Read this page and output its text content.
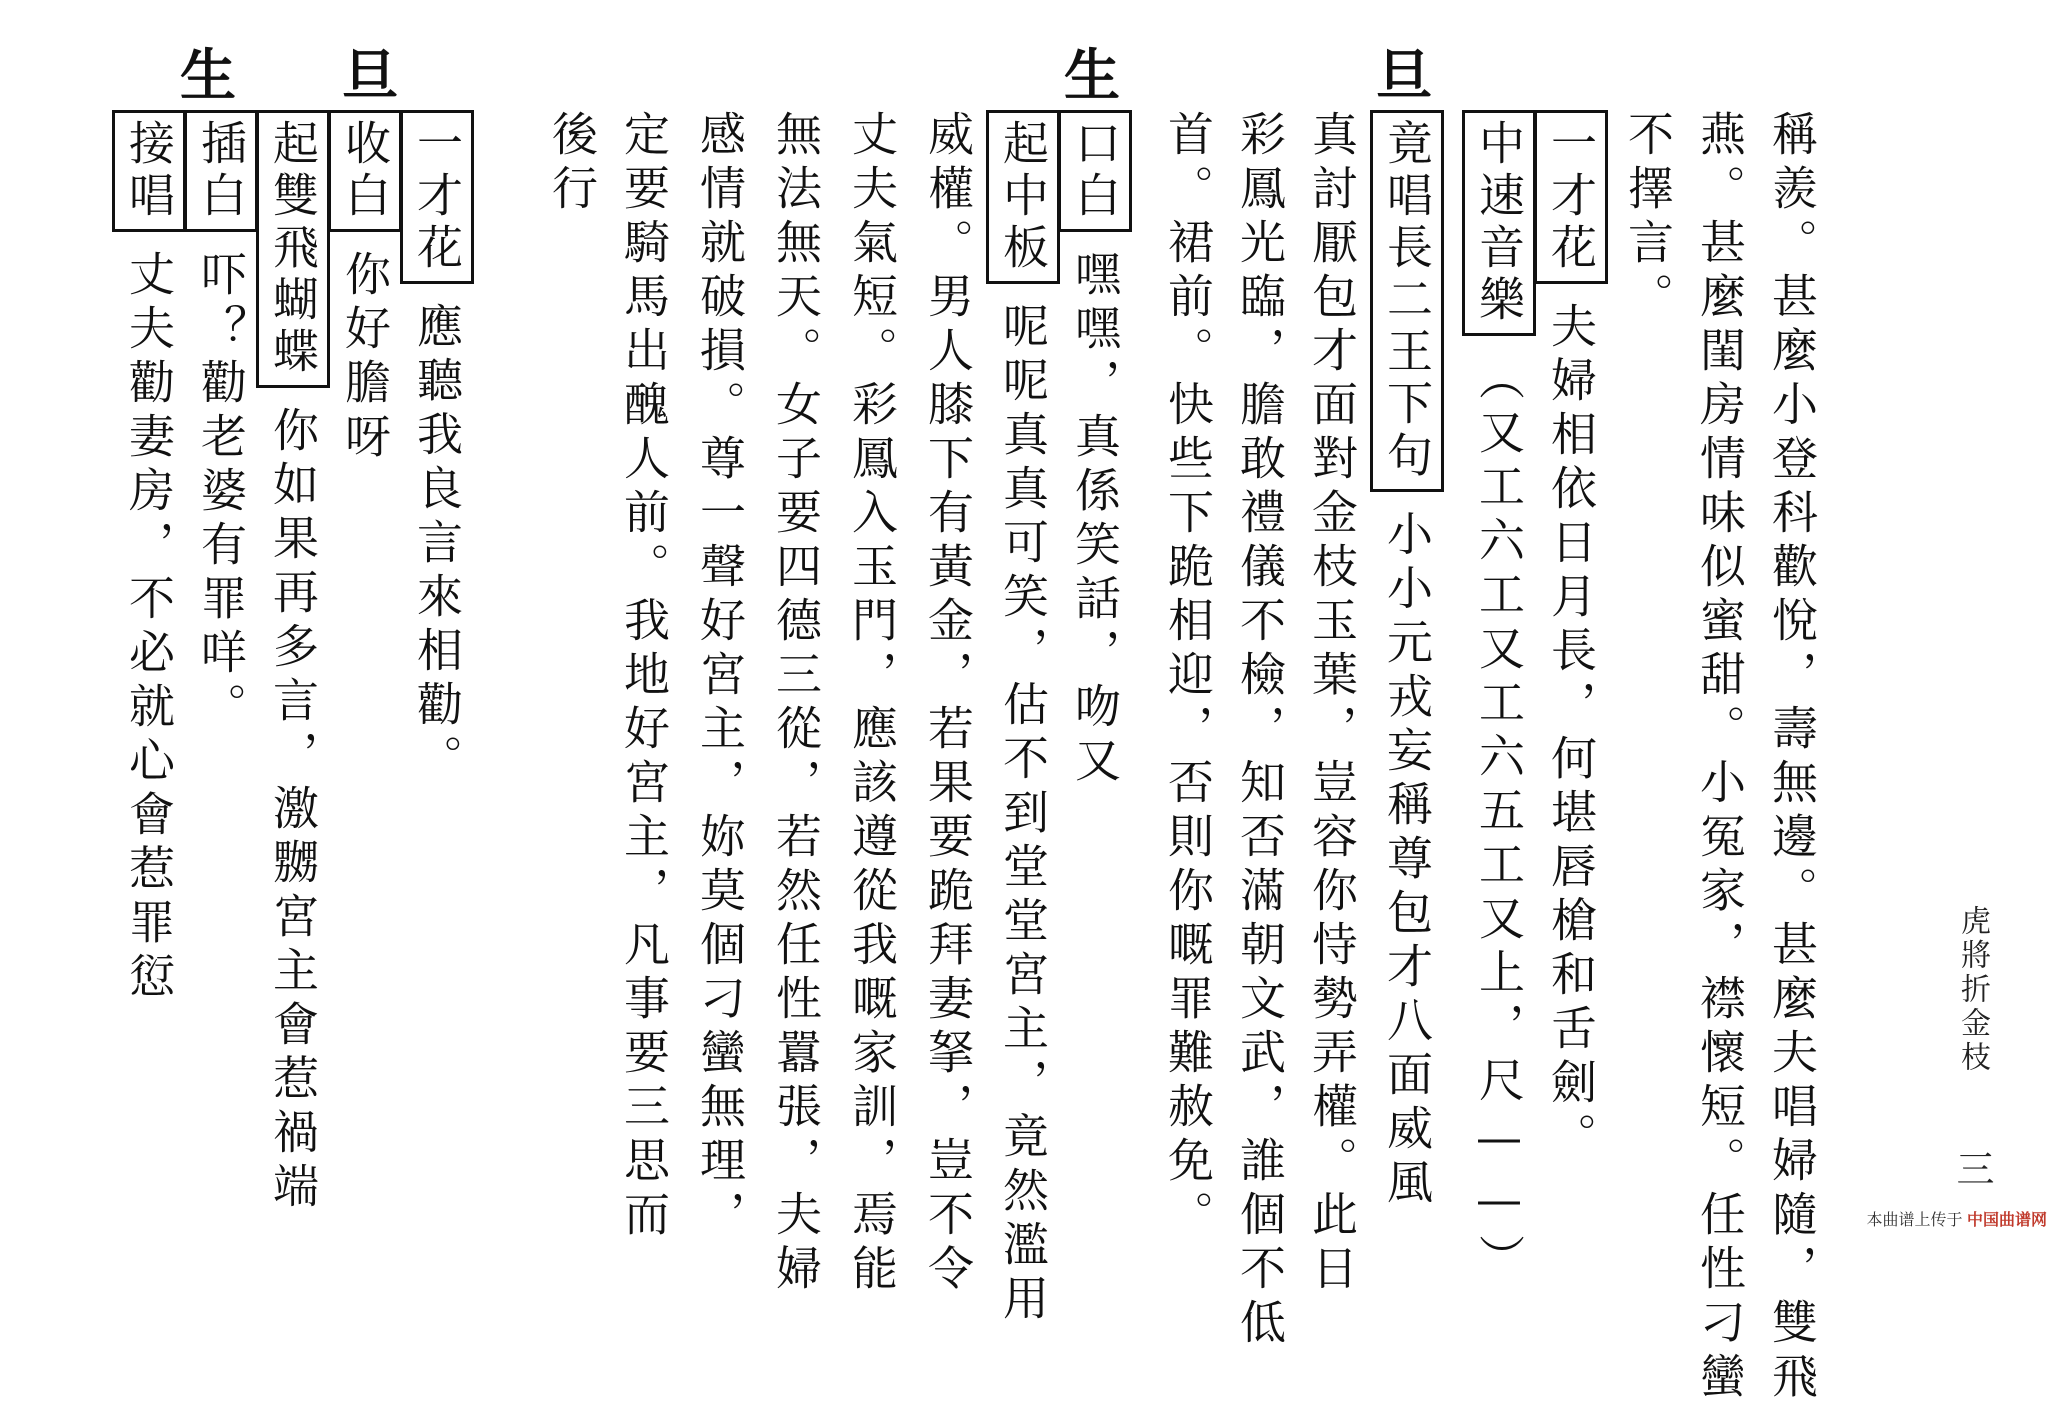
虎將折金枝 三
旦
生
旦
生
稱羨。甚麼小登科歡悅，壽無邊。甚麼夫唱婦隨，雙飛
燕。甚麼閨房情味似蜜甜。小冤家，襟懷短。任性刁蠻
不擇言。
一才花夫婦相依日月長，何堪唇槍和舌劍。
中速音樂（又工六工又工六五工又上，尺——）
竟唱長二王下句小小元戎妄稱尊包才八面威風
真討厭包才面對金枝玉葉，豈容你恃勢弄權。此日
彩鳳光臨，膽敢禮儀不檢，知否滿朝文武，誰個不低
首。裙前。快些下跪相迎，否則你嘅罪難赦免。
口白嘿嘿，真係笑話，吻又
起中板呢呢真真可笑，估不到堂堂宮主，竟然濫用
威權。男人膝下有黃金，若果要跪拜妻拏，豈不令
丈夫氣短。彩鳳入玉門，應該遵從我嘅家訓，焉能
無法無天。女子要四德三從，若然任性囂張，夫婦
感情就破損。尊一聲好宮主，妳莫個刁蠻無理，
定要騎馬出醜人前。我地好宮主，凡事要三思而
後行
一才花應聽我良言來相勸。
收白你好膽呀
起雙飛蝴蝶你如果再多言，激嬲宮主會惹禍端
插白吓？勸老婆有罪咩。
接唱丈夫勸妻房，不必就心會惹罪愆
本曲谱上传于 中国曲谱网
